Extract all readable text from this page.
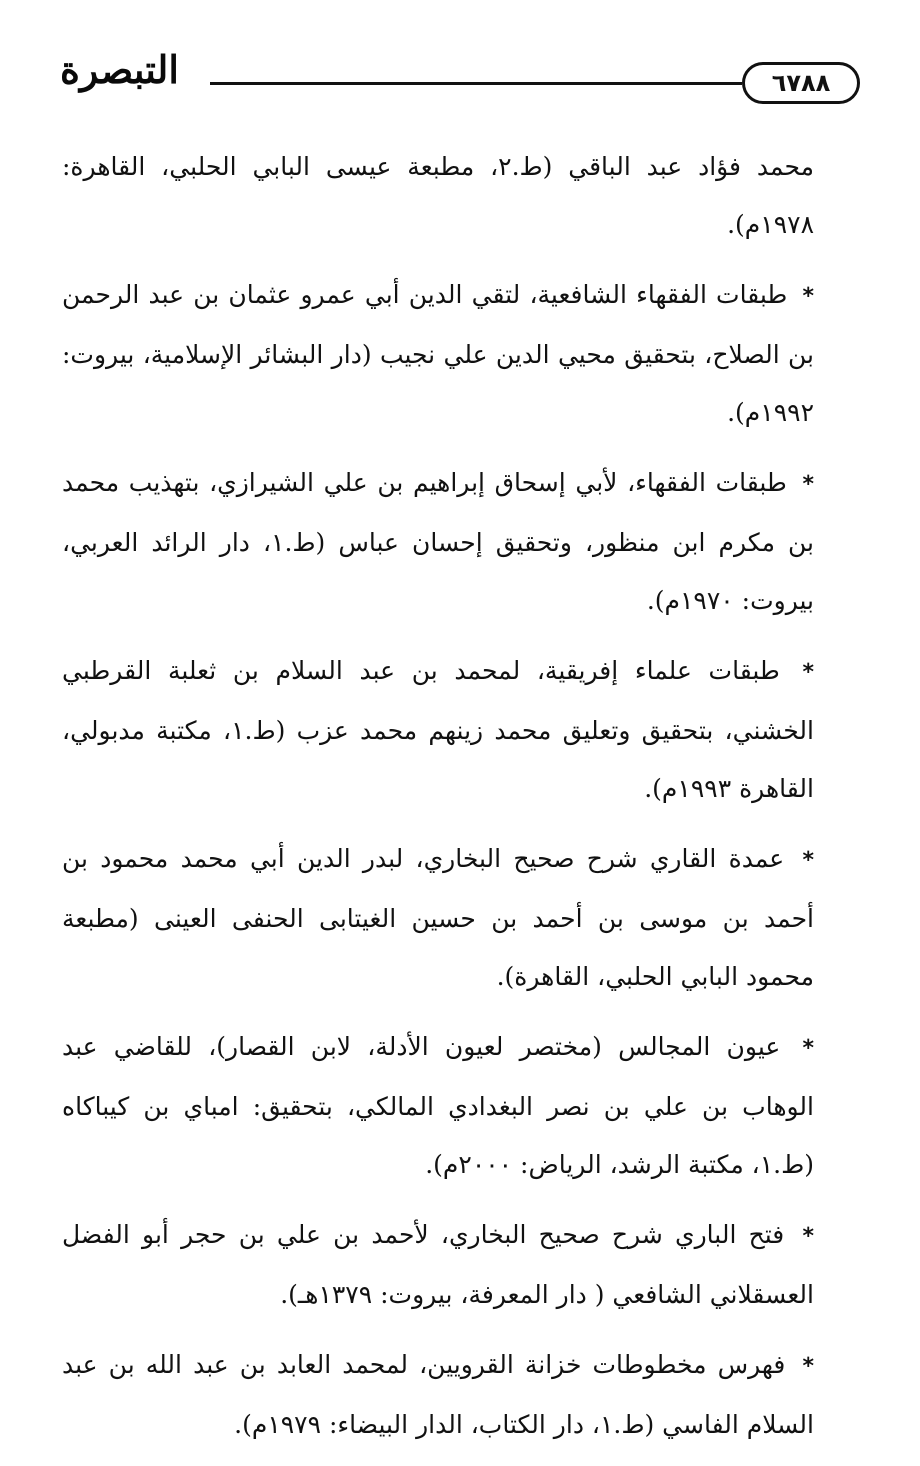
التبصرة	٦٧٨٨

محمد فؤاد عبد الباقي (ط.٢، مطبعة عيسى البابي الحلبي، القاهرة: ١٩٧٨م).

* طبقات الفقهاء الشافعية، لتقي الدين أبي عمرو عثمان بن عبد الرحمن بن الصلاح، بتحقيق محيي الدين علي نجيب (دار البشائر الإسلامية، بيروت: ١٩٩٢م).

* طبقات الفقهاء، لأبي إسحاق إبراهيم بن علي الشيرازي، بتهذيب محمد بن مكرم ابن منظور، وتحقيق إحسان عباس (ط.١، دار الرائد العربي، بيروت: ١٩٧٠م).

* طبقات علماء إفريقية، لمحمد بن عبد السلام بن ثعلبة القرطبي الخشني، بتحقيق وتعليق محمد زينهم محمد عزب (ط.١، مكتبة مدبولي، القاهرة ١٩٩٣م).

* عمدة القاري شرح صحيح البخاري، لبدر الدين أبي محمد محمود بن أحمد بن موسى بن أحمد بن حسين الغيتابى الحنفى العينى (مطبعة محمود البابي الحلبي، القاهرة).

* عيون المجالس (مختصر لعيون الأدلة، لابن القصار)، للقاضي عبد الوهاب بن علي بن نصر البغدادي المالكي، بتحقيق: امباي بن كيباكاه (ط.١، مكتبة الرشد، الرياض: ٢٠٠٠م).

* فتح الباري شرح صحيح البخاري، لأحمد بن علي بن حجر أبو الفضل العسقلاني الشافعي ( دار المعرفة، بيروت: ١٣٧٩هـ).

* فهرس مخطوطات خزانة القرويين، لمحمد العابد بن عبد الله بن عبد السلام الفاسي (ط.١، دار الكتاب، الدار البيضاء: ١٩٧٩م).
